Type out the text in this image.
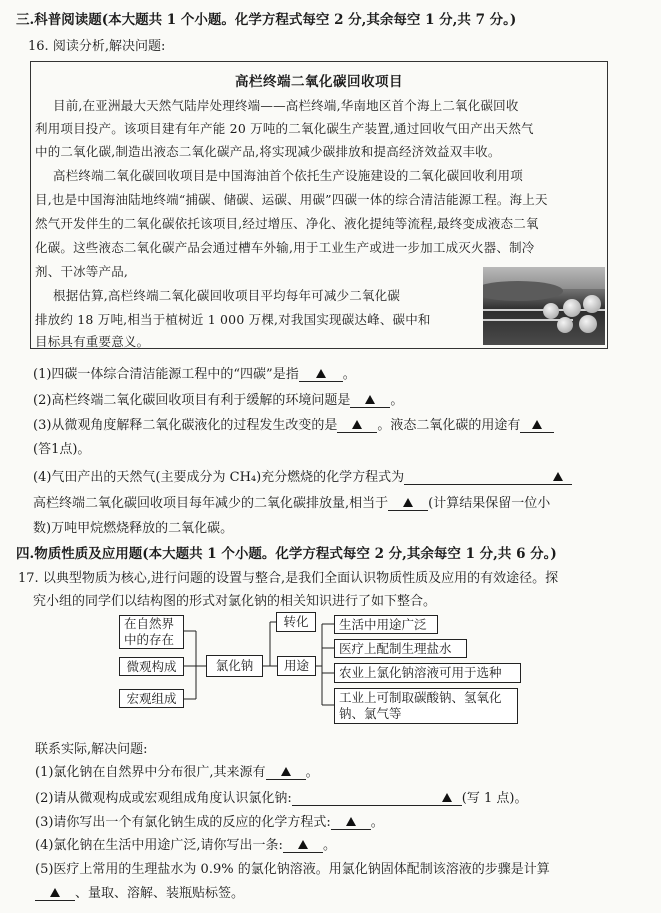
三.科普阅读题(本大题共 1 个小题。化学方程式每空 2 分,其余每空 1 分,共 7 分。)
16. 阅读分析,解决问题:
高栏终端二氧化碳回收项目
目前,在亚洲最大天然气陆岸处理终端——高栏终端,华南地区首个海上二氧化碳回收
利用项目投产。该项目建有年产能 20 万吨的二氧化碳生产装置,通过回收气田产出天然气
中的二氧化碳,制造出液态二氧化碳产品,将实现减少碳排放和提高经济效益双丰收。
高栏终端二氧化碳回收项目是中国海油首个依托生产设施建设的二氧化碳回收利用项
目,也是中国海油陆地终端“捕碳、储碳、运碳、用碳”四碳一体的综合清洁能源工程。海上天
然气开发伴生的二氧化碳依托该项目,经过增压、净化、液化提纯等流程,最终变成液态二氧
化碳。这些液态二氧化碳产品会通过槽车外输,用于工业生产或进一步加工成灭火器、制冷
剂、干冰等产品,
根据估算,高栏终端二氧化碳回收项目平均每年可减少二氧化碳
排放约 18 万吨,相当于植树近 1 000 万棵,对我国实现碳达峰、碳中和
目标具有重要意义。
(1)四碳一体综合清洁能源工程中的“四碳”是指	。
(2)高栏终端二氧化碳回收项目有利于缓解的环境问题是	。
(3)从微观角度解释二氧化碳液化的过程发生改变的是	。液态二氧化碳的用途有
(答1点)。
(4)气田产出的天然气(主要成分为 CH₄)充分燃烧的化学方程式为
高栏终端二氧化碳回收项目每年减少的二氧化碳排放量,相当于	(计算结果保留一位小
数)万吨甲烷燃烧释放的二氧化碳。
四.物质性质及应用题(本大题共 1 个小题。化学方程式每空 2 分,其余每空 1 分,共 6 分。)
17. 以典型物质为核心,进行问题的设置与整合,是我们全面认识物质性质及应用的有效途径。探
究小组的同学们以结构图的形式对氯化钠的相关知识进行了如下整合。
在自然界中的存在
微观构成
宏观组成
氯化钠
转化
用途
生活中用途广泛
医疗上配制生理盐水
农业上氯化钠溶液可用于选种
工业上可制取碳酸钠、氢氧化钠、氯气等
联系实际,解决问题:
(1)氯化钠在自然界中分布很广,其来源有	。
(2)请从微观构成或宏观组成角度认识氯化钠:	(写 1 点)。
(3)请你写出一个有氯化钠生成的反应的化学方程式:	。
(4)氯化钠在生活中用途广泛,请你写出一条:	。
(5)医疗上常用的生理盐水为 0.9% 的氯化钠溶液。用氯化钠固体配制该溶液的步骤是计算
、量取、溶解、装瓶贴标签。
